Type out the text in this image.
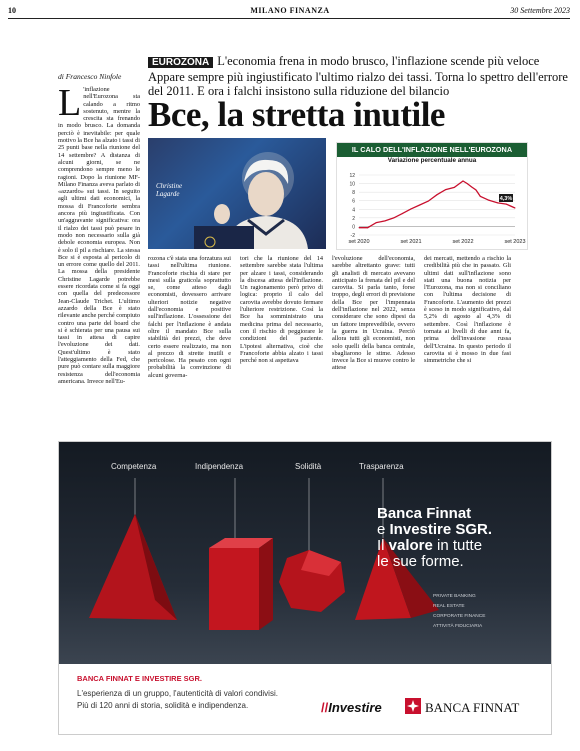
10	MILANO FINANZA	30 Settembre 2023
EUROZONA L'economia frena in modo brusco, l'inflazione scende più veloce Appare sempre più ingiustificato l'ultimo rialzo dei tassi. Torna lo spettro dell'errore del 2011. E ora i falchi insistono sulla riduzione del bilancio
Bce, la stretta inutile
di Francesco Ninfole
L 'inflazione nell'Eurozona sta calando a ritmo sostenuto, mentre la crescita sta frenando in modo brusco. La domanda perciò è inevitabile: per quale motivo la Bce ha alzato i tassi di 25 punti base nella riunione del 14 settembre? A distanza di alcuni giorni, se ne comprendono sempre meno le ragioni. Dopo la riunione MF-Milano Finanza aveva parlato di «azzardo» sui tassi. In seguito agli ultimi dati economici, la mossa di Francoforte sembra ancora più ingiustificata. Con un'aggravante significativa: ora il rialzo dei tassi può pesare in modo non necessario sulla già debole economia europea. Non è solo il pil a rischiare. La stessa Bce si è esposta al pericolo di un errore come quello del 2011. La mossa della presidente Christine Lagarde potrebbe essere ricordata come si fa oggi con quella del predecessore Jean-Claude Trichet. L'ultimo azzardo della Bce è stato rilevante anche perché compiuto contro una parte del board che si è schierata per una pausa sui tassi in attesa di capire l'evoluzione dei dati. Quest'ultimo è stato l'atteggiamento della Fed, che pure può contare sulla maggiore resistenza dell'economia americana. Invece nell'Eu-
Christine
Lagarde
IL CALO DELL'INFLAZIONE NELL'EUROZONA
Variazione percentuale annua
-2
0
2
4
6
8
10
12
set 2020	set 2021	set 2022	set 2023
4,3%
rozona c'è stata una forzatura sui tassi nell'ultima riunione. Francoforte rischia di stare per mesi sulla graticola soprattutto se, come atteso dagli economisti, dovessero arrivare ulteriori notizie negative dall'economia e positive sull'inflazione. L'ossessione dei falchi per l'inflazione è andata oltre il mandato Bce sulla stabilità dei prezzi, che deve certo essere realizzato, ma non al prezzo di strette inutili e pericolose. Ha pesato con ogni probabilità la convinzione di alcuni governa-
tori che la riunione del 14 settembre sarebbe stata l'ultima per alzare i tassi, considerando la discesa attesa dell'inflazione. Un ragionamento però privo di logica: proprio il calo del carovita avrebbe dovuto fermare l'ulteriore restrizione. Così la Bce ha somministrato una medicina prima del necessario, con il rischio di peggiorare le condizioni del paziente. L'ipotesi alternativa, cioè che Francoforte abbia alzato i tassi perché non si aspettava
l'evoluzione dell'economia, sarebbe altrettanto grave: tutti gli analisti di mercato avevano anticipato la frenata del pil e del carovita. Si parla tanto, forse troppo, degli errori di previsione della Bce per l'impennata dell'inflazione nel 2022, senza considerare che sono dipesi da un fattore imprevedibile, ovvero la guerra in Ucraina. Perciò allora tutti gli economisti, non solo quelli della banca centrale, sbagliarono le stime. Adesso invece la Bce si muove contro le attese
dei mercati, mettendo a rischio la credibilità più che in passato. Gli ultimi dati sull'inflazione sono stati una buona notizia per l'Eurozona, ma non si conciliano con l'ultima decisione di Francoforte. L'aumento dei prezzi è sceso in modo significativo, dal 5,2% di agosto al 4,3% di settembre. Così l'inflazione è tornata ai livelli di due anni fa, prima dell'invasione russa dell'Ucraina. In questo periodo il carovita si è mosso in due fasi simmetriche che si
Competenza	Indipendenza	Solidità	Trasparenza
Banca Finnat
e Investire SGR.
Il valore in tutte
le sue forme.
PRIVATE BANKING
REAL ESTATE
CORPORATE FINANCE
ATTIVITÀ FIDUCIARIA
BANCA FINNAT E INVESTIRE SGR.
L'esperienza di un gruppo, l'autenticità di valori condivisi.
Più di 120 anni di storia, solidità e indipendenza.	//Investire	BANCA FINNAT
